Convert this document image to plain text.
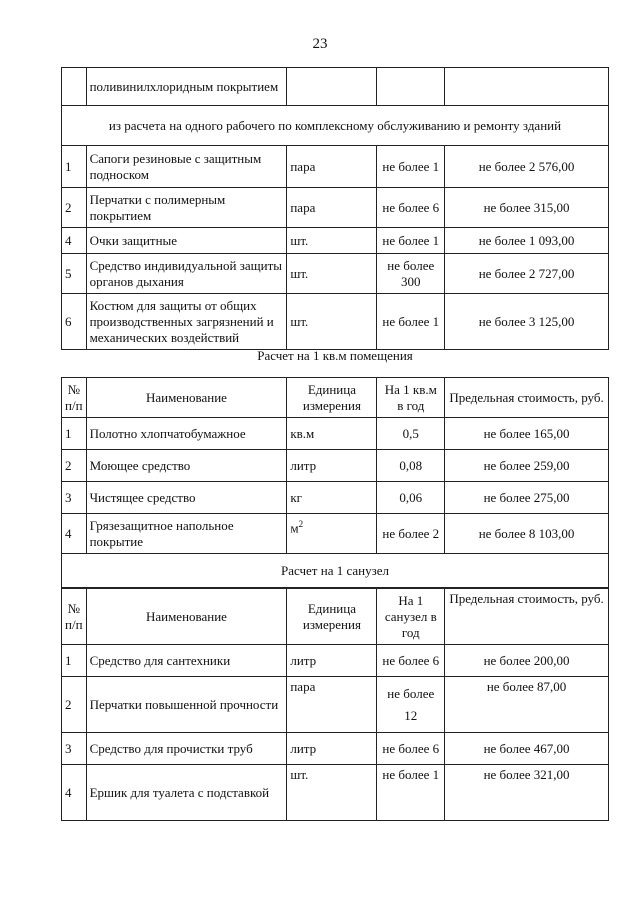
23
	поливинилхлоридным покрытием			
из расчета на одного рабочего по комплексному обслуживанию и ремонту зданий				
1	Сапоги резиновые с защитным подноском	пара	не более 1	не более 2 576,00
2	Перчатки с полимерным покрытием	пара	не более 6	не более 315,00
4	Очки защитные	шт.	не более 1	не более 1 093,00
5	Средство индивидуальной защиты органов дыхания	шт.	не более 300	не более 2 727,00
6	Костюм для защиты от общих производственных загрязнений и механических воздействий	шт.	не более 1	не более 3 125,00
Расчет на 1 кв.м помещения
№ п/п	Наименование	Единица измерения	На 1 кв.м в год	Предельная стоимость, руб.
1	Полотно хлопчатобумажное	кв.м	0,5	не более 165,00
2	Моющее средство	литр	0,08	не более 259,00
3	Чистящее средство	кг	0,06	не более 275,00
4	Грязезащитное напольное покрытие	$м^2$	не более 2	не более 8 103,00
Расчет на 1 санузел				
№ п/п	Наименование	Единица измерения	На 1 санузел в год	Предельная стоимость, руб.
1	Средство для сантехники	литр	не более 6	не более 200,00
2	Перчатки повышенной прочности	пара	не более 12	не более 87,00
3	Средство для прочистки труб	литр	не более 6	не более 467,00
4	Ершик для туалета с подставкой	шт.	не более 1	не более 321,00
